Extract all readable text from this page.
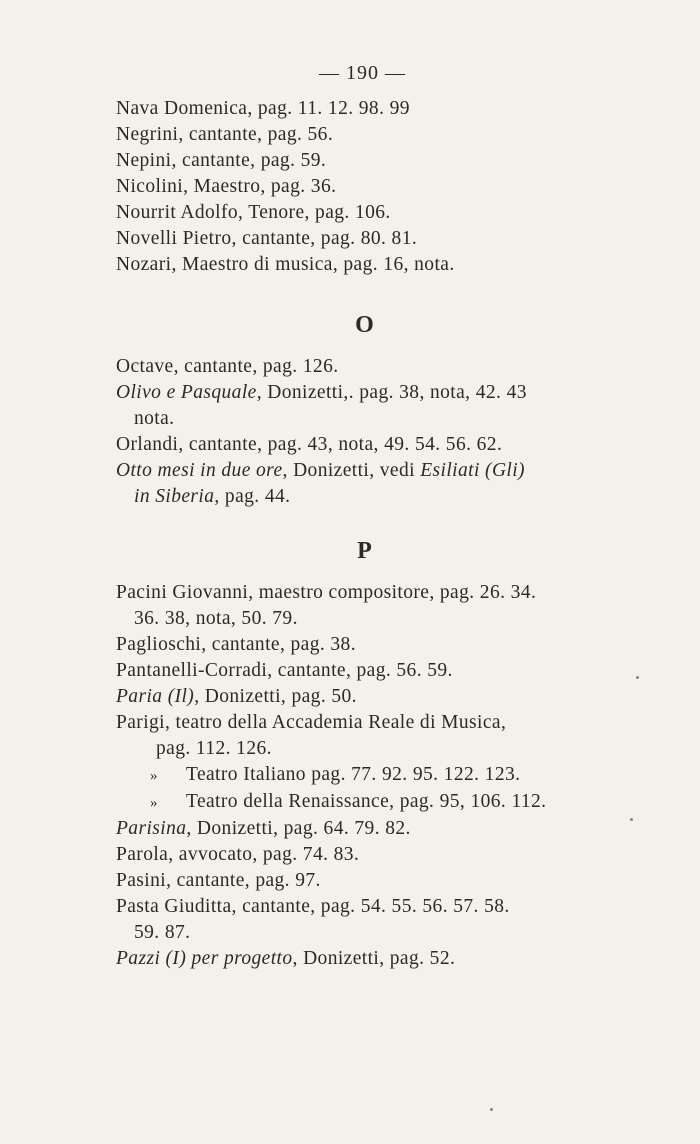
— 190 —
Nava Domenica, pag. 11. 12. 98. 99
Negrini, cantante, pag. 56.
Nepini, cantante, pag. 59.
Nicolini, Maestro, pag. 36.
Nourrit Adolfo, Tenore, pag. 106.
Novelli Pietro, cantante, pag. 80. 81.
Nozari, Maestro di musica, pag. 16, nota.
O
Octave, cantante, pag. 126.
Olivo e Pasquale, Donizetti,. pag. 38, nota, 42. 43
nota.
Orlandi, cantante, pag. 43, nota, 49. 54. 56. 62.
Otto mesi in due ore, Donizetti, vedi Esiliati (Gli)
in Siberia, pag. 44.
P
Pacini Giovanni, maestro compositore, pag. 26. 34.
36. 38, nota, 50. 79.
Paglioschi, cantante, pag. 38.
Pantanelli-Corradi, cantante, pag. 56. 59.
Paria (Il), Donizetti, pag. 50.
Parigi, teatro della Accademia Reale di Musica,
pag. 112. 126.
» Teatro Italiano pag. 77. 92. 95. 122. 123.
» Teatro della Renaissance, pag. 95, 106. 112.
Parisina, Donizetti, pag. 64. 79. 82.
Parola, avvocato, pag. 74. 83.
Pasini, cantante, pag. 97.
Pasta Giuditta, cantante, pag. 54. 55. 56. 57. 58.
59. 87.
Pazzi (I) per progetto, Donizetti, pag. 52.
